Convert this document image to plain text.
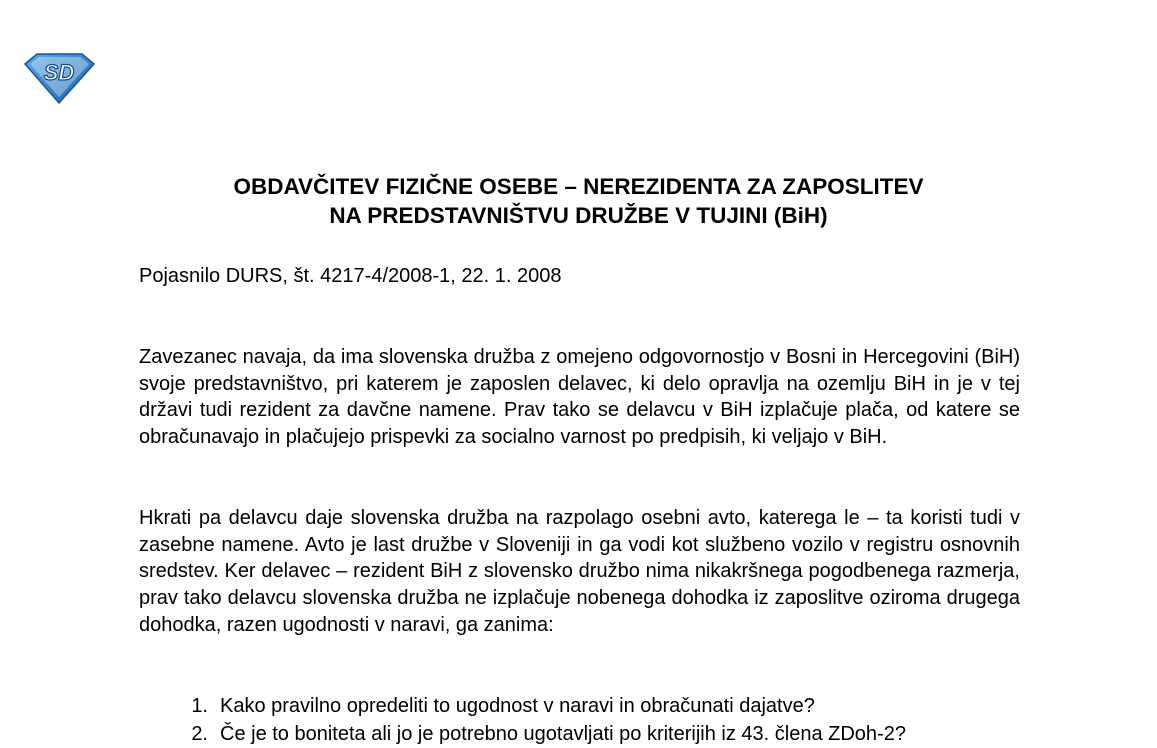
SD
OBDAVČITEV FIZIČNE OSEBE – NEREZIDENTA ZA ZAPOSLITEV
NA PREDSTAVNIŠTVU DRUŽBE V TUJINI (BiH)
Pojasnilo DURS, št. 4217-4/2008-1, 22. 1. 2008

Zavezanec navaja, da ima slovenska družba z omejeno odgovornostjo v Bosni in Hercegovini (BiH) svoje predstavništvo, pri katerem je zaposlen delavec, ki delo opravlja na ozemlju BiH in je v tej državi tudi rezident za davčne namene. Prav tako se delavcu v BiH izplačuje plača, od katere se obračunavajo in plačujejo prispevki za socialno varnost po predpisih, ki veljajo v BiH.

Hkrati pa delavcu daje slovenska družba na razpolago osebni avto, katerega le – ta koristi tudi v zasebne namene. Avto je last družbe v Sloveniji in ga vodi kot službeno vozilo v registru osnovnih sredstev. Ker delavec – rezident BiH z slovensko družbo nima nikakršnega pogodbenega razmerja, prav tako delavcu slovenska družba ne izplačuje nobenega dohodka iz zaposlitve oziroma drugega dohodka, razen ugodnosti v naravi, ga zanima:

1. Kako pravilno opredeliti to ugodnost v naravi in obračunati dajatve?
2. Če je to boniteta ali jo je potrebno ugotavljati po kriterijih iz 43. člena ZDoh-2?
